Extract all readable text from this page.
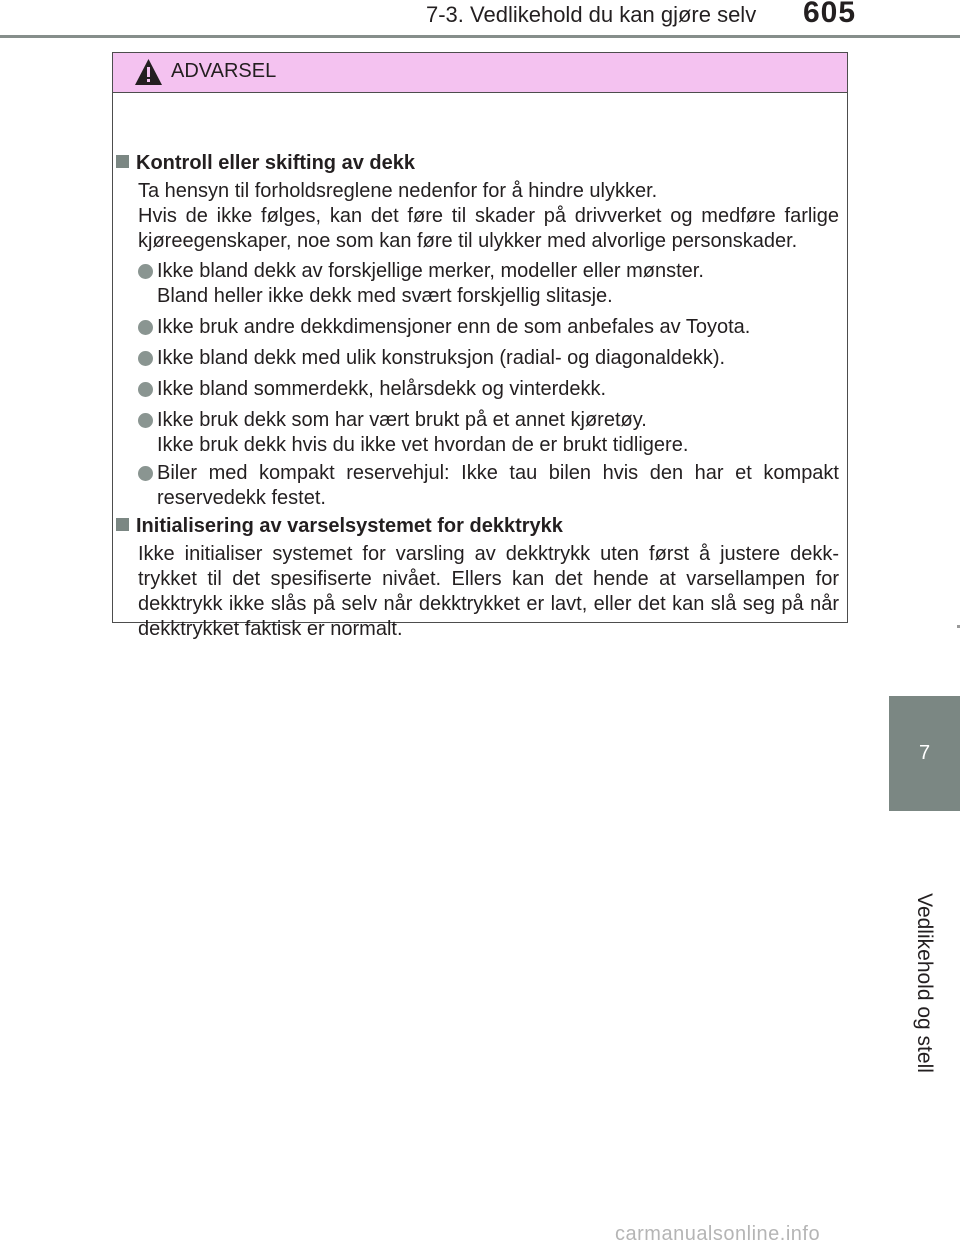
7-3. Vedlikehold du kan gjøre selv 605
7
Vedlikehold og stell
ADVARSEL
Kontroll eller skifting av dekk
Ta hensyn til forholdsreglene nedenfor for å hindre ulykker.
Hvis de ikke følges, kan det føre til skader på drivverket og medføre farlige kjøreegenskaper, noe som kan føre til ulykker med alvorlige personskader.
Ikke bland dekk av forskjellige merker, modeller eller mønster.
Bland heller ikke dekk med svært forskjellig slitasje.
Ikke bruk andre dekkdimensjoner enn de som anbefales av Toyota.
Ikke bland dekk med ulik konstruksjon (radial- og diagonaldekk).
Ikke bland sommerdekk, helårsdekk og vinterdekk.
Ikke bruk dekk som har vært brukt på et annet kjøretøy.
Ikke bruk dekk hvis du ikke vet hvordan de er brukt tidligere.
Biler med kompakt reservehjul: Ikke tau bilen hvis den har et kompakt reservedekk festet.
Initialisering av varselsystemet for dekktrykk
Ikke initialiser systemet for varsling av dekktrykk uten først å justere dekk-trykket til det spesifiserte nivået. Ellers kan det hende at varsellampen for dekktrykk ikke slås på selv når dekktrykket er lavt, eller det kan slå seg på når dekktrykket faktisk er normalt.
carmanualsonline.info
